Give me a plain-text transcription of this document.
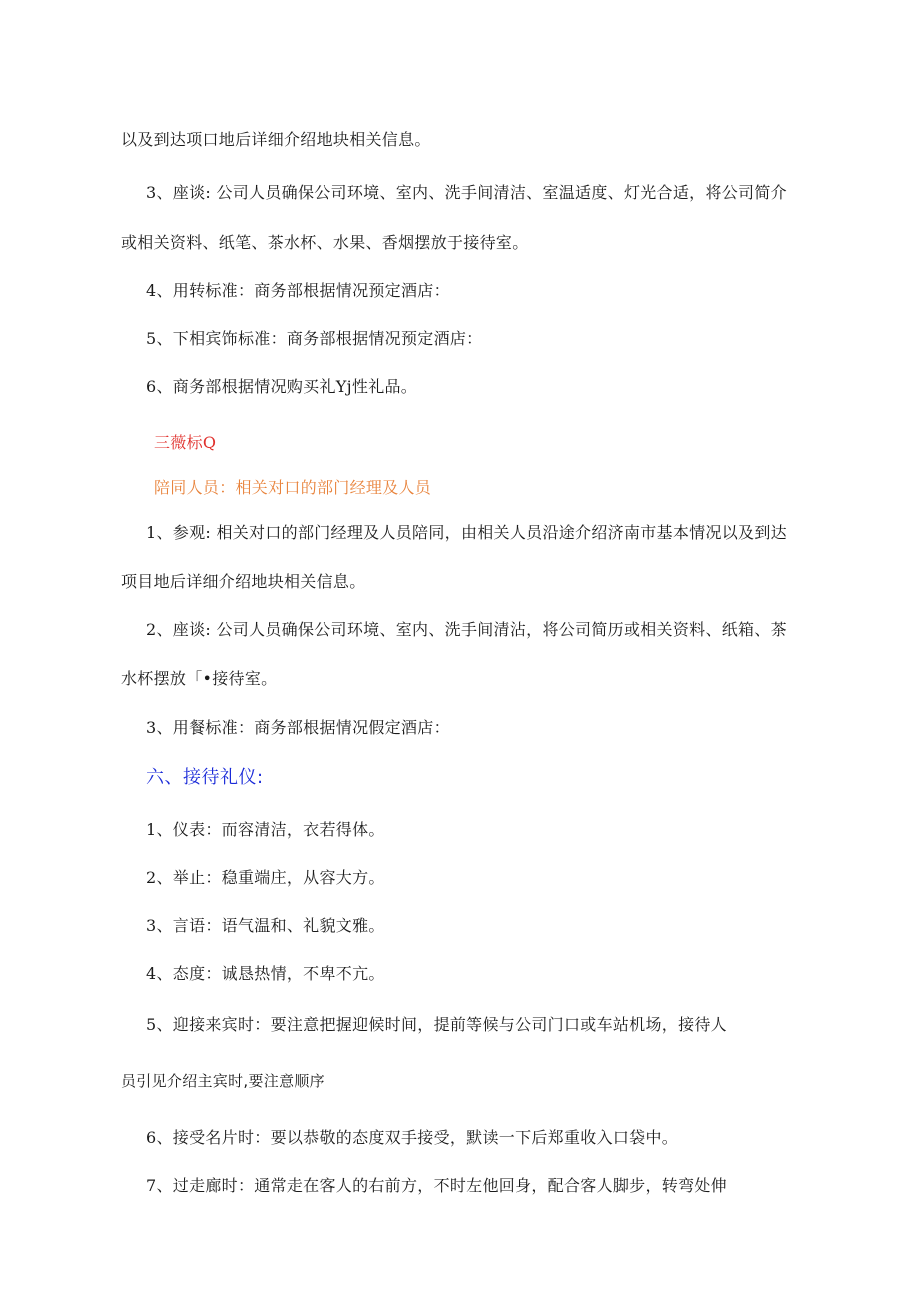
以及到达项口地后详细介绍地块相关信息。
3、座谈: 公司人员确保公司环境、室内、洗手间清洁、室温适度、灯光合适，将公司简介
或相关资料、纸笔、茶水杯、水果、香烟摆放于接待室。
4、用转标准：商务部根据情况预定酒店：
5、下相宾饰标准：商务部根据情况预定酒店：
6、商务部根据情况购买礼Yj性礼品。
三薇标Q
陪同人员：相关对口的部门经理及人员
1、参观: 相关对口的部门经理及人员陪同，由相关人员沿途介绍济南市基本情况以及到达
项目地后详细介绍地块相关信息。
2、座谈: 公司人员确保公司环境、室内、洗手间清沾，将公司简历或相关资料、纸箱、茶
水杯摆放「•接待室。
3、用餐标准：商务部根据情况假定酒店：
六、接待礼仪:
1、仪表：而容清洁，衣若得体。
2、举止：稳重端庄，从容大方。
3、言语：语气温和、礼貌文雅。
4、态度：诚恳热情，不卑不亢。
5、迎接来宾时：要注意把握迎候时间，提前等候与公司门口或车站机场，接待人
员引见介绍主宾时,要注意顺序
6、接受名片时：要以恭敬的态度双手接受，默读一下后郑重收入口袋中。
7、过走廊时：通常走在客人的右前方，不时左他回身，配合客人脚步，转弯处伸
